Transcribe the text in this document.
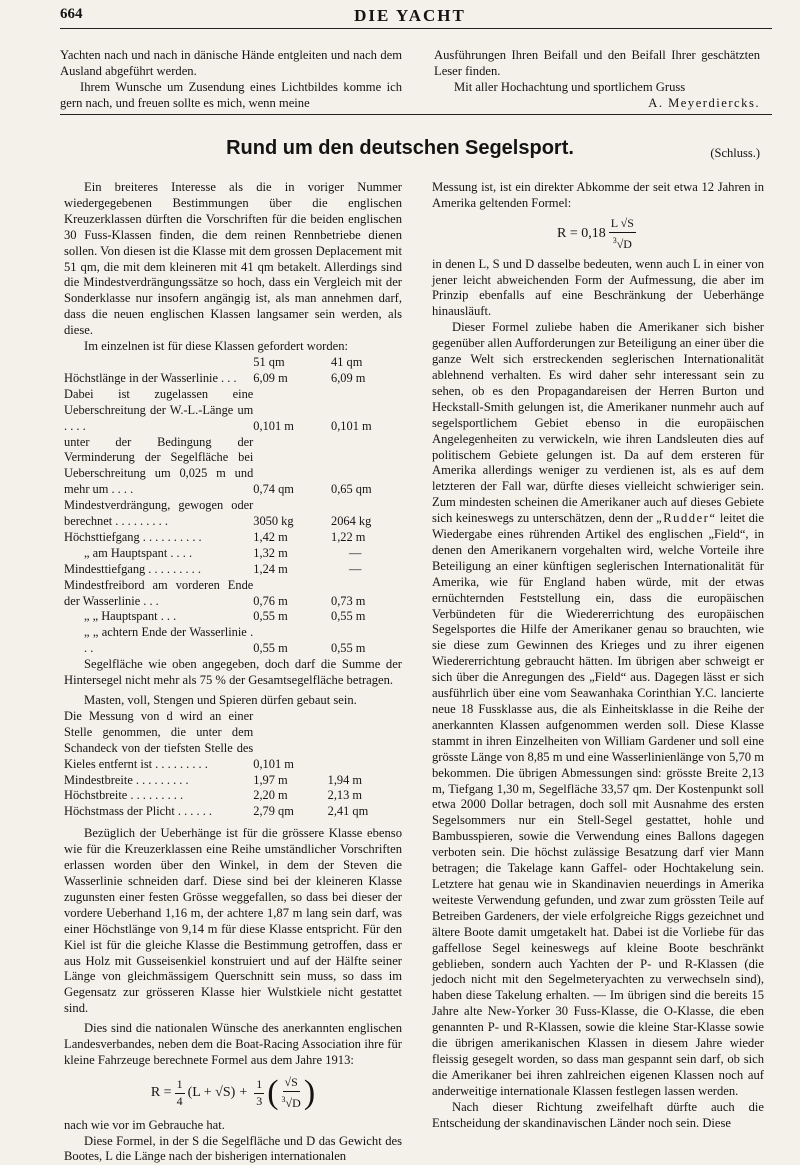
664	DIE YACHT

Yachten nach und nach in dänische Hände entgleiten und nach dem Ausland abgeführt werden.

Ihrem Wunsche um Zusendung eines Lichtbildes komme ich gern nach, und freuen sollte es mich, wenn meine

Ausführungen Ihren Beifall und den Beifall Ihrer geschätzten Leser finden.

Mit aller Hochachtung und sportlichem Gruss

A. Meyerdiercks.

Rund um den deutschen Segelsport.	(Schluss.)

Ein breiteres Interesse als die in voriger Nummer wiedergegebenen Bestimmungen über die englischen Kreuzerklassen dürften die Vorschriften für die beiden englischen 30 Fuss-Klassen finden, die dem reinen Rennbetriebe dienen sollen. Von diesen ist die Klasse mit dem grossen Deplacement mit 51 qm, die mit dem kleineren mit 41 qm betakelt. Allerdings sind die Mindestverdrängungssätze so hoch, dass ein Vergleich mit der Sonderklasse nur insofern angängig ist, als man annehmen darf, dass die neuen englischen Klassen langsamer sein werden, als diese.

Im einzelnen ist für diese Klassen gefordert worden:

	51 qm	41 qm
Höchstlänge in der Wasserlinie . . .	6,09 m	6,09 m
Dabei ist zugelassen eine Ueberschreitung der W.-L.-Länge um . . . .	0,101 m	0,101 m
unter der Bedingung der Verminderung der Segelfläche bei Ueberschreitung um 0,025 m und mehr um . . . .	0,74 qm	0,65 qm
Mindestverdrängung, gewogen oder berechnet . . . . . . . . .	3050 kg	2064 kg
Höchsttiefgang . . . . . . . . . .	1,42 m	1,22 m
„ am Hauptspant . . . .	1,32 m	—
Mindesttiefgang . . . . . . . . .	1,24 m	—
Mindestfreibord am vorderen Ende der Wasserlinie . . .	0,76 m	0,73 m
„ „ Hauptspant . . .	0,55 m	0,55 m
„ „ achtern Ende der Wasserlinie . . .	0,55 m	0,55 m

Segelfläche wie oben angegeben, doch darf die Summe der Hintersegel nicht mehr als 75 % der Gesamtsegelfläche betragen.

Masten, voll, Stengen und Spieren dürfen gebaut sein.

Die Messung von d wird an einer Stelle genommen, die unter dem Schandeck von der tiefsten Stelle des Kieles entfernt ist . . . . . . . . .	0,101 m	
Mindestbreite . . . . . . . . .	1,97 m	1,94 m
Höchstbreite . . . . . . . . .	2,20 m	2,13 m
Höchstmass der Plicht . . . . . .	2,79 qm	2,41 qm

Bezüglich der Ueberhänge ist für die grössere Klasse ebenso wie für die Kreuzerklassen eine Reihe umständlicher Vorschriften erlassen worden über den Winkel, in dem der Steven die Wasserlinie schneiden darf. Diese sind bei der kleineren Klasse zugunsten einer festen Grösse weggefallen, so dass bei dieser der vordere Ueberhand 1,16 m, der achtere 1,87 m lang sein darf, was einer Höchstlänge von 9,14 m für diese Klasse entspricht. Für den Kiel ist für die gleiche Klasse die Bestimmung getroffen, dass er aus Holz mit Gusseisenkiel konstruiert und auf der Hälfte seiner Länge von gleichmässigem Querschnitt sein muss, so dass im Gegensatz zur grösseren Klasse hier Wulstkiele nicht gestattet sind.

Dies sind die nationalen Wünsche des anerkannten englischen Landesverbandes, neben dem die Boat-Racing Association ihre für kleine Fahrzeuge berechnete Formel aus dem Jahre 1913:

$R = \frac{1}{4} (L + √S) + \frac{1}{3}$ ( $\frac{√S}{^3√D}$ )

nach wie vor im Gebrauche hat.

Diese Formel, in der S die Segelfläche und D das Gewicht des Bootes, L die Länge nach der bisherigen internationalen

Messung ist, ist ein direkter Abkomme der seit etwa 12 Jahren in Amerika geltenden Formel:

$R = 0,18 \frac{L √S}{^3√D}$

in denen L, S und D dasselbe bedeuten, wenn auch L in einer von jener leicht abweichenden Form der Aufmessung, die aber im Prinzip ebenfalls auf eine Beschränkung der Ueberhänge hinausläuft.

Dieser Formel zuliebe haben die Amerikaner sich bisher gegenüber allen Aufforderungen zur Beteiligung an einer über die ganze Welt sich erstreckenden seglerischen Internationalität ablehnend verhalten. Es wird daher sehr interessant sein zu sehen, ob es den Propagandareisen der Herren Burton und Heckstall-Smith gelungen ist, die Amerikaner nunmehr auch auf segelsportlichem Gebiet ebenso in die europäischen Angelegenheiten zu verwickeln, wie ihren Landsleuten dies auf politischem Gebiete gelungen ist. Da auf dem ersteren für Amerika allerdings weniger zu verdienen ist, als es auf dem letzteren der Fall war, dürfte dieses vielleicht schwieriger sein. Zum mindesten scheinen die Amerikaner auch auf dieses Gebiete sich keineswegs zu unterschätzen, denn der „Rudder“ leitet die Wiedergabe eines rührenden Artikel des englischen „Field“, in denen den Amerikanern vorgehalten wird, welche Vorteile ihre Beteiligung an einer künftigen seglerischen Internationalität für Amerika, wie für England haben würde, mit der etwas ernüchternden Feststellung ein, dass die europäischen Verbündeten für die Wiedererrichtung des europäischen Segelsportes die Hilfe der Amerikaner genau so brauchten, wie sie diese zum Gewinnen des Krieges und zu ihrer eigenen Wiedererrichtung gebraucht hätten. Im übrigen aber schweigt er sich über die Anregungen des „Field“ aus. Dagegen lässt er sich ausführlich über eine vom Seawanhaka Corinthian Y.C. lancierte neue 18 Fussklasse aus, die als Einheitsklasse in die Reihe der anerkannten Klassen aufgenommen werden soll. Diese Klasse stammt in ihren Einzelheiten von William Gardener und soll eine grösste Länge von 8,85 m und eine Wasserlinienlänge von 5,70 m bekommen. Die übrigen Abmessungen sind: grösste Breite 2,13 m, Tiefgang 1,30 m, Segelfläche 33,57 qm. Der Kostenpunkt soll etwa 2000 Dollar betragen, doch soll mit Ausnahme des ersten Segelsommers nur ein Stell-Segel gestattet, hohle und Bambusspieren, sowie die Verwendung eines Ballons dagegen verboten sein. Die höchst zulässige Besatzung darf vier Mann betragen; die Takelage kann Gaffel- oder Hochtakelung sein. Letztere hat genau wie in Skandinavien neuerdings in Amerika weiteste Verwendung gefunden, und zwar zum grössten Teile auf Betreiben Gardeners, der viele erfolgreiche Riggs gezeichnet und ältere Boote damit umgetakelt hat. Dabei ist die Vorliebe für das gaffellose Segel keineswegs auf kleine Boote beschränkt geblieben, sondern auch Yachten der P- und R-Klassen (die jedoch nicht mit den Segelmeteryachten zu verwechseln sind), haben diese Takelung erhalten. — Im übrigen sind die bereits 15 Jahre alte New-Yorker 30 Fuss-Klasse, die O-Klasse, die eben genannten P- und R-Klassen, sowie die kleine Star-Klasse sowie die übrigen amerikanischen Klassen in diesem Jahre wieder fleissig gesegelt worden, so dass man gespannt sein darf, ob sich die Amerikaner bei ihren zahlreichen eigenen Klassen noch auf anderweitige internationale Klassen festlegen lassen werden.

Nach dieser Richtung zweifelhaft dürfte auch die Entscheidung der skandinavischen Länder noch sein. Diese
